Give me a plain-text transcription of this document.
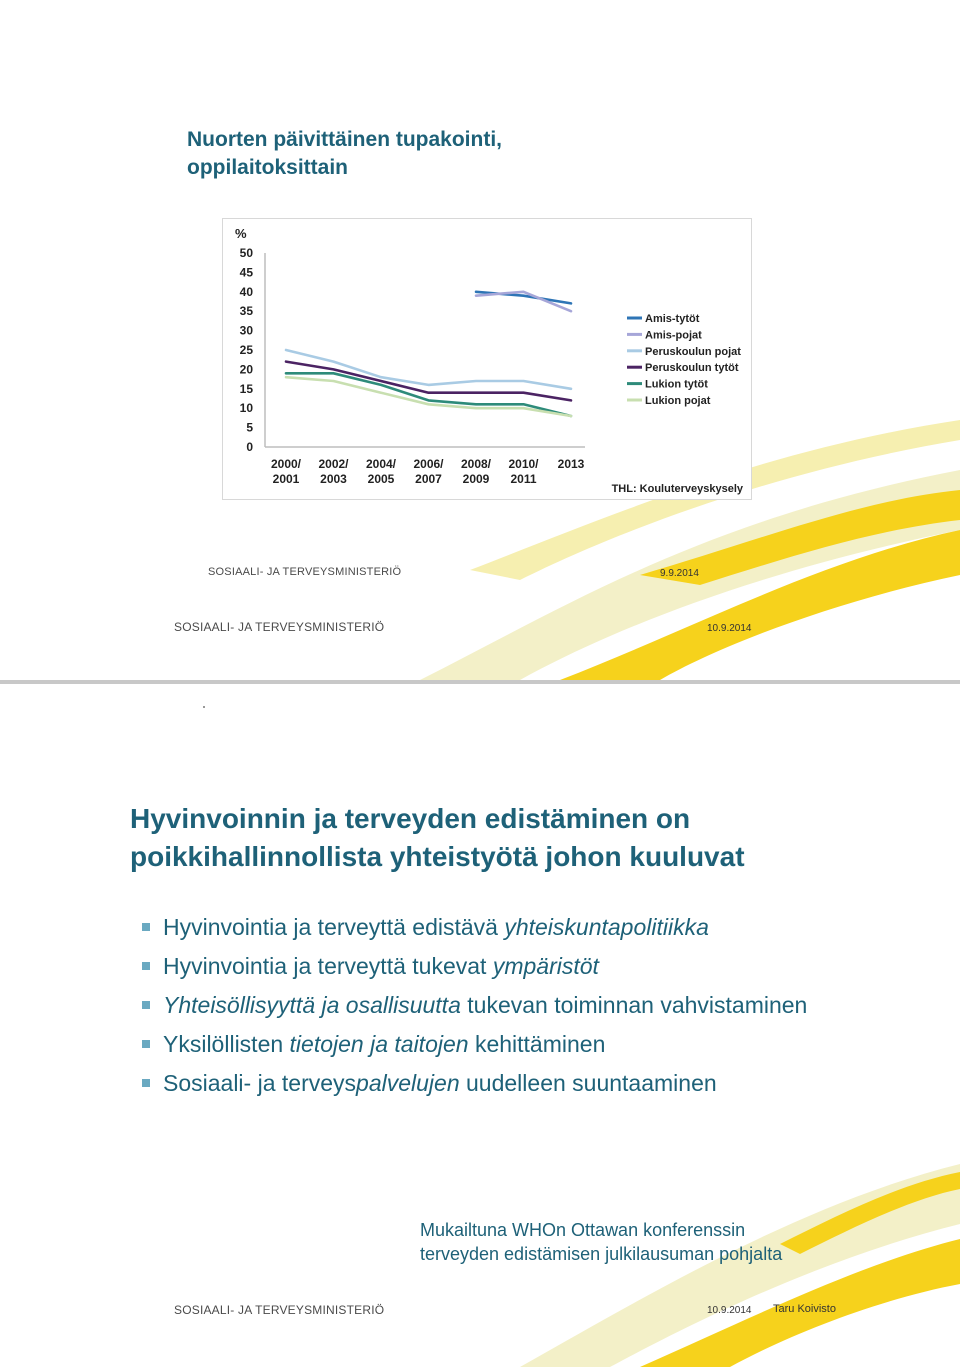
Nuorten päivittäinen tupakointi,
oppilaitoksittain
%
0
5
10
15
20
25
30
35
40
45
50
2000/
2001
2002/
2003
2004/
2005
2006/
2007
2008/
2009
2010/
2011
2013
Amis-tytöt
Amis-pojat
Peruskoulun pojat
Peruskoulun tytöt
Lukion tytöt
Lukion pojat
THL: Kouluterveyskysely
SOSIAALI- JA TERVEYSMINISTERIÖ	9.9.2014
SOSIAALI- JA TERVEYSMINISTERIÖ	10.9.2014
Hyvinvoinnin ja terveyden edistäminen on
poikkihallinnollista yhteistyötä johon kuuluvat
Hyvinvointia ja terveyttä edistävä yhteiskuntapolitiikka
Hyvinvointia ja terveyttä tukevat ympäristöt
Yhteisöllisyyttä ja osallisuutta tukevan toiminnan vahvistaminen
Yksilöllisten tietojen ja taitojen kehittäminen
Sosiaali- ja terveyspalvelujen uudelleen suuntaaminen
Mukailtuna WHOn Ottawan konferenssin
terveyden edistämisen julkilausuman pohjalta
SOSIAALI- JA TERVEYSMINISTERIÖ	10.9.2014 Taru Koivisto
